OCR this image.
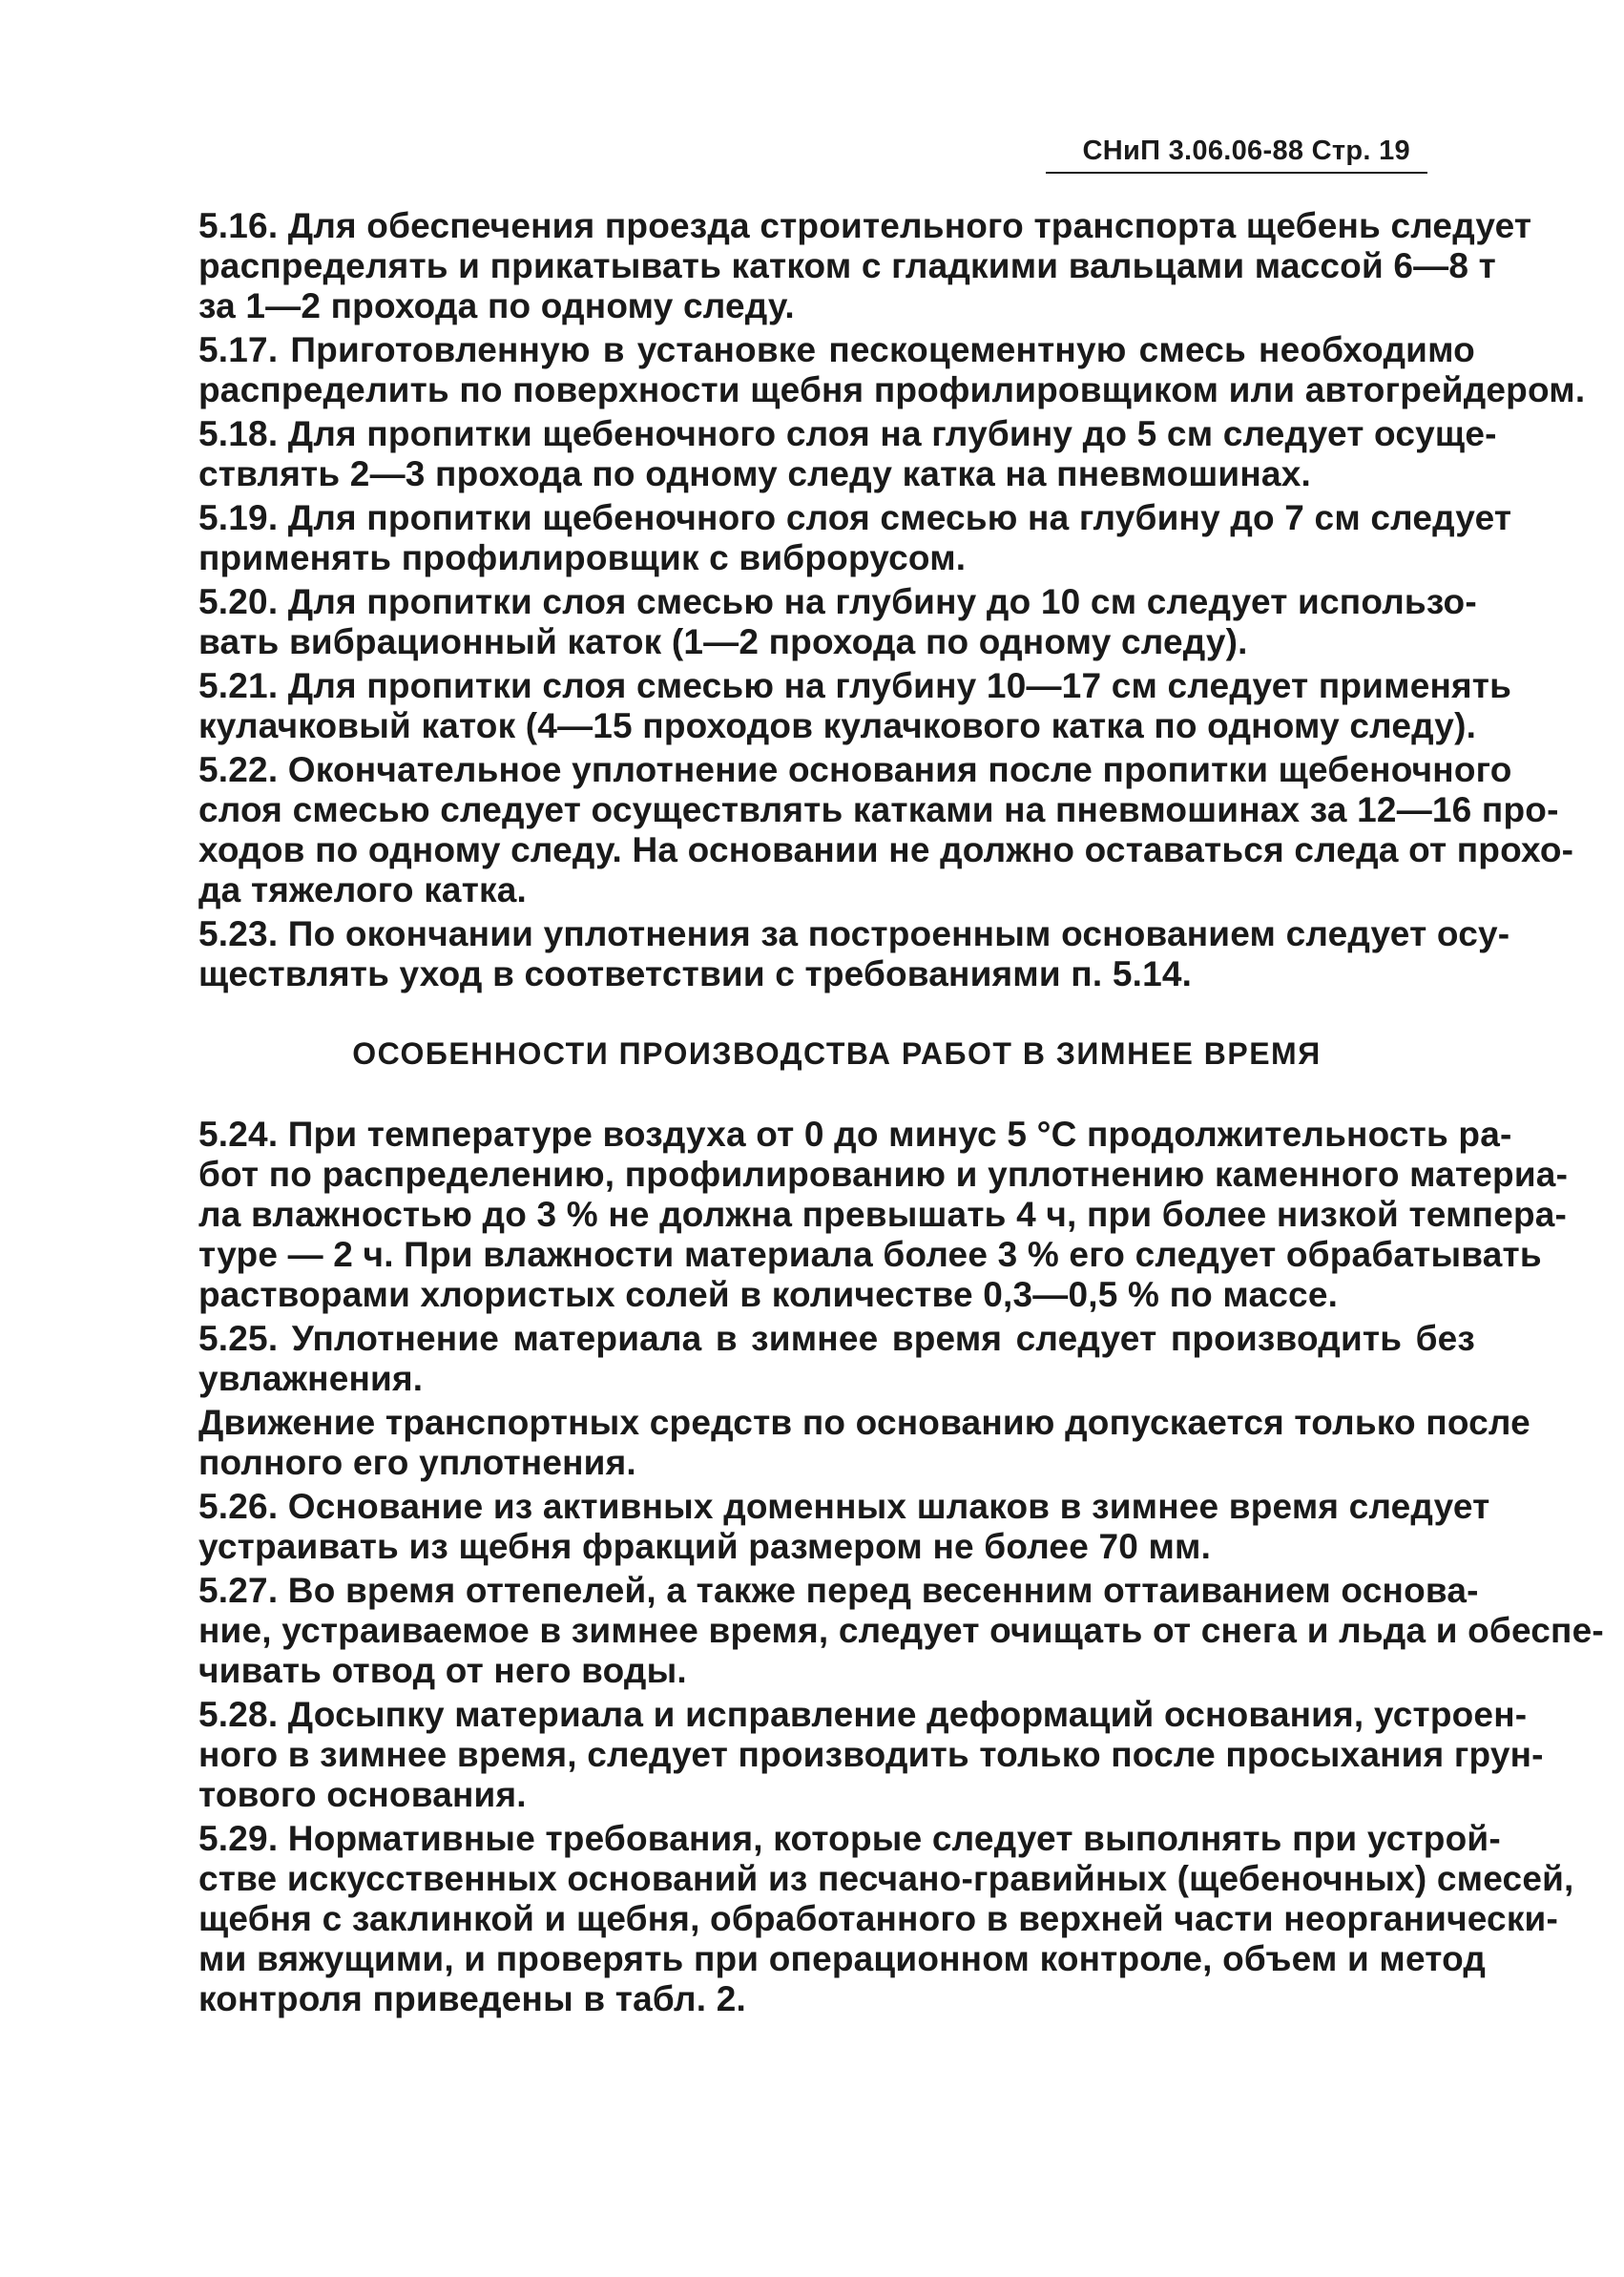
СНиП 3.06.06-88 Стр. 19
5.16. Для обеспечения проезда строительного транспорта щебень следует
распределять и прикатывать катком с гладкими вальцами массой 6—8 т
за 1—2 прохода по одному следу.
5.17. Приготовленную в установке пескоцементную смесь необходимо
распределить по поверхности щебня профилировщиком или автогрейдером.
5.18. Для пропитки щебеночного слоя на глубину до 5 см следует осуще-
ствлять 2—3 прохода по одному следу катка на пневмошинах.
5.19. Для пропитки щебеночного слоя смесью на глубину до 7 см следует
применять профилировщик с виброрусом.
5.20. Для пропитки слоя смесью на глубину до 10 см следует использо-
вать вибрационный каток (1—2 прохода по одному следу).
5.21. Для пропитки слоя смесью на глубину 10—17 см следует применять
кулачковый каток (4—15 проходов кулачкового катка по одному следу).
5.22. Окончательное уплотнение основания после пропитки щебеночного
слоя смесью следует осуществлять катками на пневмошинах за 12—16 про-
ходов по одному следу. На основании не должно оставаться следа от прохо-
да тяжелого катка.
5.23. По окончании уплотнения за построенным основанием следует осу-
ществлять уход в соответствии с требованиями п. 5.14.
ОСОБЕННОСТИ ПРОИЗВОДСТВА РАБОТ В ЗИМНЕЕ ВРЕМЯ
5.24. При температуре воздуха от 0 до минус 5 °С продолжительность ра-
бот по распределению, профилированию и уплотнению каменного материа-
ла влажностью до 3 % не должна превышать 4 ч, при более низкой темпера-
туре — 2 ч. При влажности материала более 3 % его следует обрабатывать
растворами хлористых солей в количестве 0,3—0,5 % по массе.
5.25. Уплотнение материала в зимнее время следует производить без
увлажнения.
Движение транспортных средств по основанию допускается только после
полного его уплотнения.
5.26. Основание из активных доменных шлаков в зимнее время следует
устраивать из щебня фракций размером не более 70 мм.
5.27. Во время оттепелей, а также перед весенним оттаиванием основа-
ние, устраиваемое в зимнее время, следует очищать от снега и льда и обеспе-
чивать отвод от него воды.
5.28. Досыпку материала и исправление деформаций основания, устроен-
ного в зимнее время, следует производить только после просыхания грун-
тового основания.
5.29. Нормативные требования, которые следует выполнять при устрой-
стве искусственных оснований из песчано-гравийных (щебеночных) смесей,
щебня с заклинкой и щебня, обработанного в верхней части неорганически-
ми вяжущими, и проверять при операционном контроле, объем и метод
контроля приведены в табл. 2.
